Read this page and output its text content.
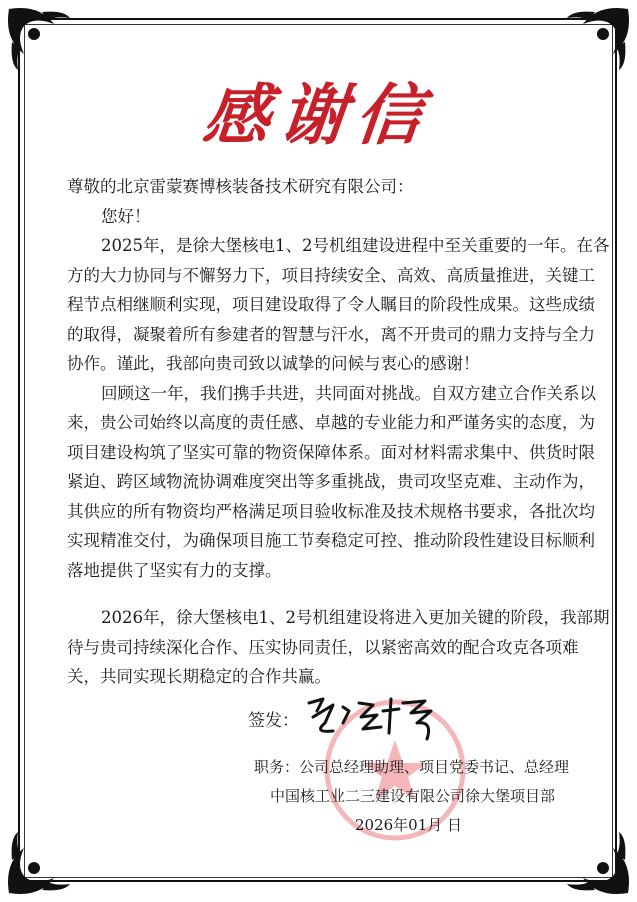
感谢信
尊敬的北京雷蒙赛博核装备技术研究有限公司：
您好！
2025年，是徐大堡核电1、2号机组建设进程中至关重要的一年。在各
方的大力协同与不懈努力下，项目持续安全、高效、高质量推进，关键工
程节点相继顺利实现，项目建设取得了令人瞩目的阶段性成果。这些成绩
的取得，凝聚着所有参建者的智慧与汗水，离不开贵司的鼎力支持与全力
协作。谨此，我部向贵司致以诚挚的问候与衷心的感谢！
回顾这一年，我们携手共进，共同面对挑战。自双方建立合作关系以
来，贵公司始终以高度的责任感、卓越的专业能力和严谨务实的态度，为
项目建设构筑了坚实可靠的物资保障体系。面对材料需求集中、供货时限
紧迫、跨区域物流协调难度突出等多重挑战，贵司攻坚克难、主动作为，
其供应的所有物资均严格满足项目验收标准及技术规格书要求，各批次均
实现精准交付，为确保项目施工节奏稳定可控、推动阶段性建设目标顺利
落地提供了坚实有力的支撑。
2026年，徐大堡核电1、2号机组建设将进入更加关键的阶段，我部期
待与贵司持续深化合作、压实协同责任，以紧密高效的配合攻克各项难
关，共同实现长期稳定的合作共赢。
签发：
职务：公司总经理助理、项目党委书记、总经理
中国核工业二三建设有限公司徐大堡项目部
2026年01月 日
